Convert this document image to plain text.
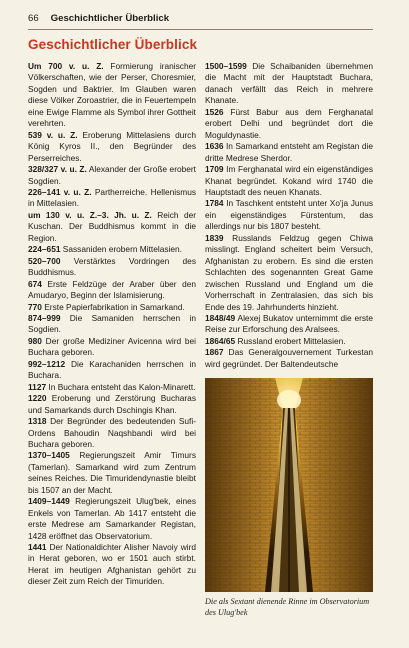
66 Geschichtlicher Überblick
Geschichtlicher Überblick

Um 700 v. u. Z. Formierung iranischer Völkerschaften, wie der Perser, Choresmier, Sogden und Baktrier. Im Glauben waren diese Völker Zoroastrier, die in Feuertempeln eine Ewige Flamme als Symbol ihrer Gottheit verehrten.

539 v. u. Z. Eroberung Mittelasiens durch König Kyros II., den Begründer des Perserreiches.

328/327 v. u. Z. Alexander der Große erobert Sogdien.

226–141 v. u. Z. Partherreiche. Hellenismus in Mittelasien.

um 130 v. u. Z.–3. Jh. u. Z. Reich der Kuschan. Der Buddhismus kommt in die Region.

224–651 Sassaniden erobern Mittelasien.

520–700 Verstärktes Vordringen des Buddhismus.

674 Erste Feldzüge der Araber über den Amudaryo, Beginn der Islamisierung.

770 Erste Papierfabrikation in Samarkand.

874–999 Die Samaniden herrschen in Sogdien.

980 Der große Mediziner Avicenna wird bei Buchara geboren.

992–1212 Die Karachaniden herrschen in Buchara.

1127 In Buchara entsteht das Kalon-Minarett.

1220 Eroberung und Zerstörung Bucharas und Samarkands durch Dschingis Khan.

1318 Der Begründer des bedeutenden Sufi-Ordens Bahoudin Naqshbandi wird bei Buchara geboren.

1370–1405 Regierungszeit Amir Timurs (Tamerlan). Samarkand wird zum Zentrum seines Reiches. Die Timuridendynastie bleibt bis 1507 an der Macht.

1409–1449 Regierungszeit Ulug'bek, eines Enkels von Tamerlan. Ab 1417 entsteht die erste Medrese am Samarkander Registan, 1428 eröffnet das Observatorium.

1441 Der Nationaldichter Alisher Navoiy wird in Herat geboren, wo er 1501 auch stirbt. Herat im heutigen Afghanistan gehört zu dieser Zeit zum Reich der Timuriden.

1500–1599 Die Schaibaniden übernehmen die Macht mit der Hauptstadt Buchara, danach verfällt das Reich in mehrere Khanate.

1526 Fürst Babur aus dem Ferghanatal erobert Delhi und begründet dort die Moguldynastie.

1636 In Samarkand entsteht am Registan die dritte Medrese Sherdor.

1709 Im Ferghanatal wird ein eigenständiges Khanat begründet. Kokand wird 1740 die Hauptstadt des neuen Khanats.

1784 In Taschkent entsteht unter Xo'ja Junus ein eigenständiges Fürstentum, das allerdings nur bis 1807 besteht.

1839 Russlands Feldzug gegen Chiwa misslingt. England scheitert beim Versuch, Afghanistan zu erobern. Es sind die ersten Schlachten des sogenannten Great Game zwischen Russland und England um die Vorherrschaft in Zentralasien, das sich bis Ende des 19. Jahrhunderts hinzieht.

1848/49 Alexej Bukatov unternimmt die erste Reise zur Erforschung des Aralsees.

1864/65 Russland erobert Mittelasien.

1867 Das Generalgouvernement Turkestan wird gegründet. Der Baltendeutsche

Die als Sextant dienende Rinne im Observatorium des Ulug'bek
